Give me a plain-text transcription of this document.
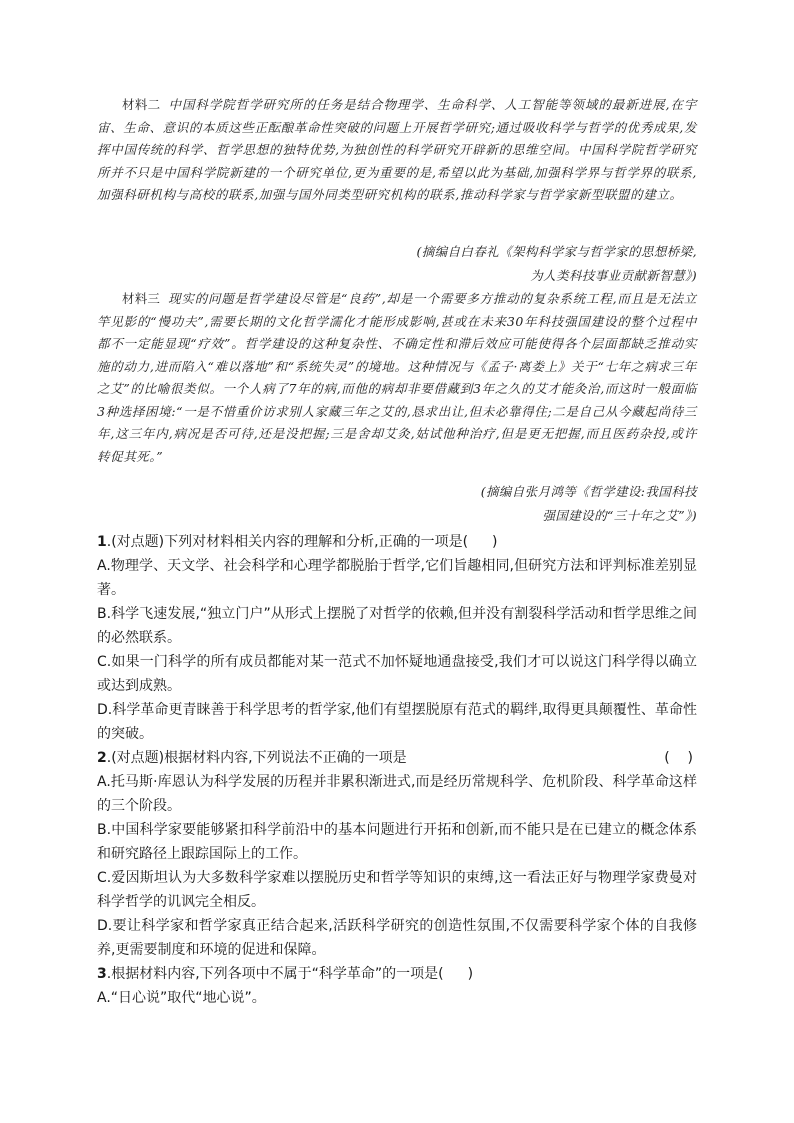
材料二 中国科学院哲学研究所的任务是结合物理学、生命科学、人工智能等领域的最新进展,在宇宙、生命、意识的本质这些正酝酿革命性突破的问题上开展哲学研究;通过吸收科学与哲学的优秀成果,发挥中国传统的科学、哲学思想的独特优势,为独创性的科学研究开辟新的思维空间。中国科学院哲学研究所并不只是中国科学院新建的一个研究单位,更为重要的是,希望以此为基础,加强科学界与哲学界的联系,加强科研机构与高校的联系,加强与国外同类型研究机构的联系,推动科学家与哲学家新型联盟的建立。

(摘编自白春礼《架构科学家与哲学家的思想桥梁,
为人类科技事业贡献新智慧》)

材料三 现实的问题是哲学建设尽管是“良药”,却是一个需要多方推动的复杂系统工程,而且是无法立竿见影的“慢功夫”,需要长期的文化哲学濡化才能形成影响,甚或在未来30年科技强国建设的整个过程中都不一定能显现“疗效”。哲学建设的这种复杂性、不确定性和滞后效应可能使得各个层面都缺乏推动实施的动力,进而陷入“难以落地”和“系统失灵”的境地。这种情况与《孟子·离娄上》关于“七年之病求三年之艾”的比喻很类似。一个人病了7年的病,而他的病却非要借藏到3年之久的艾才能灸治,而这时一般面临3种选择困境:“一是不惜重价访求别人家藏三年之艾的,恳求出让,但未必靠得住;二是自己从今藏起尚待三年,这三年内,病况是否可待,还是没把握;三是舍却艾灸,姑试他种治疗,但是更无把握,而且医药杂投,或许转促其死。”

(摘编自张月鸿等《哲学建设:我国科技
强国建设的“三十年之艾”》)

1.(对点题)下列对材料相关内容的理解和分析,正确的一项是( )

A.物理学、天文学、社会科学和心理学都脱胎于哲学,它们旨趣相同,但研究方法和评判标准差别显著。

B.科学飞速发展,“独立门户”从形式上摆脱了对哲学的依赖,但并没有割裂科学活动和哲学思维之间的必然联系。

C.如果一门科学的所有成员都能对某一范式不加怀疑地通盘接受,我们才可以说这门科学得以确立或达到成熟。

D.科学革命更青睐善于科学思考的哲学家,他们有望摆脱原有范式的羁绊,取得更具颠覆性、革命性的突破。

2.(对点题)根据材料内容,下列说法不正确的一项是	(    )

A.托马斯·库恩认为科学发展的历程并非累积渐进式,而是经历常规科学、危机阶段、科学革命这样的三个阶段。

B.中国科学家要能够紧扣科学前沿中的基本问题进行开拓和创新,而不能只是在已建立的概念体系和研究路径上跟踪国际上的工作。

C.爱因斯坦认为大多数科学家难以摆脱历史和哲学等知识的束缚,这一看法正好与物理学家费曼对科学哲学的讥讽完全相反。

D.要让科学家和哲学家真正结合起来,活跃科学研究的创造性氛围,不仅需要科学家个体的自我修养,更需要制度和环境的促进和保障。

3.根据材料内容,下列各项中不属于“科学革命”的一项是( )

A.“日心说”取代“地心说”。
